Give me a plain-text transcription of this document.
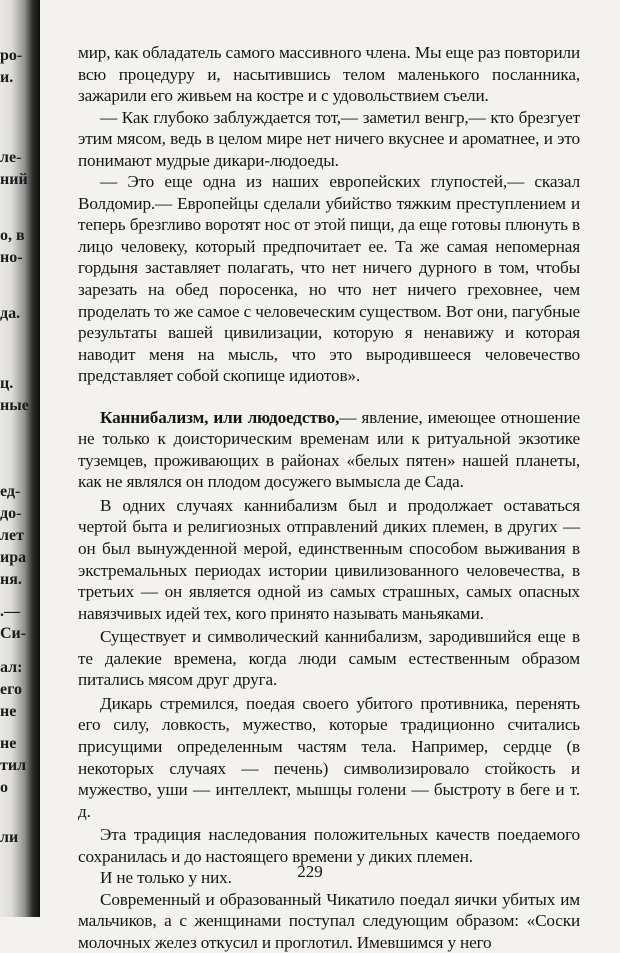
ро-
и.
ле-
ний
о, в
но-
да.
ц.
ные
ед-
до-
лет
ира
ня.
.—
Си-
ал:
его
не
не
тил
о
ли

мир, как обладатель самого массивного члена. Мы еще раз повторили всю процедуру и, насытившись телом маленького посланника, зажарили его живьем на костре и с удовольствием съели.

— Как глубоко заблуждается тот,— заметил венгр,— кто брезгует этим мясом, ведь в целом мире нет ничего вкуснее и ароматнее, и это понимают мудрые дикари-людоеды.

— Это еще одна из наших европейских глупостей,— сказал Волдомир.— Европейцы сделали убийство тяжким преступлением и теперь брезгливо воротят нос от этой пищи, да еще готовы плюнуть в лицо человеку, который предпочитает ее. Та же самая непомерная гордыня заставляет полагать, что нет ничего дурного в том, чтобы зарезать на обед поросенка, но что нет ничего греховнее, чем проделать то же самое с человеческим существом. Вот они, пагубные результаты вашей цивилизации, которую я ненавижу и которая наводит меня на мысль, что это выродившееся человечество представляет собой скопище идиотов».

Каннибализм, или людоедство,— явление, имеющее отношение не только к доисторическим временам или к ритуальной экзотике туземцев, проживающих в районах «белых пятен» нашей планеты, как не являлся он плодом досужего вымысла де Сада.

В одних случаях каннибализм был и продолжает оставаться чертой быта и религиозных отправлений диких племен, в других — он был вынужденной мерой, единственным способом выживания в экстремальных периодах истории цивилизованного человечества, в третьих — он является одной из самых страшных, самых опасных навязчивых идей тех, кого принято называть маньяками.

Существует и символический каннибализм, зародившийся еще в те далекие времена, когда люди самым естественным образом питались мясом друг друга.

Дикарь стремился, поедая своего убитого противника, перенять его силу, ловкость, мужество, которые традиционно считались присущими определенным частям тела. Например, сердце (в некоторых случаях — печень) символизировало стойкость и мужество, уши — интеллект, мышцы голени — быстроту в беге и т. д.

Эта традиция наследования положительных качеств поедаемого сохранилась и до настоящего времени у диких племен.

И не только у них.

Современный и образованный Чикатило поедал яички убитых им мальчиков, а с женщинами поступал следующим образом: «Соски молочных желез откусил и проглотил. Имевшимся у него

229
